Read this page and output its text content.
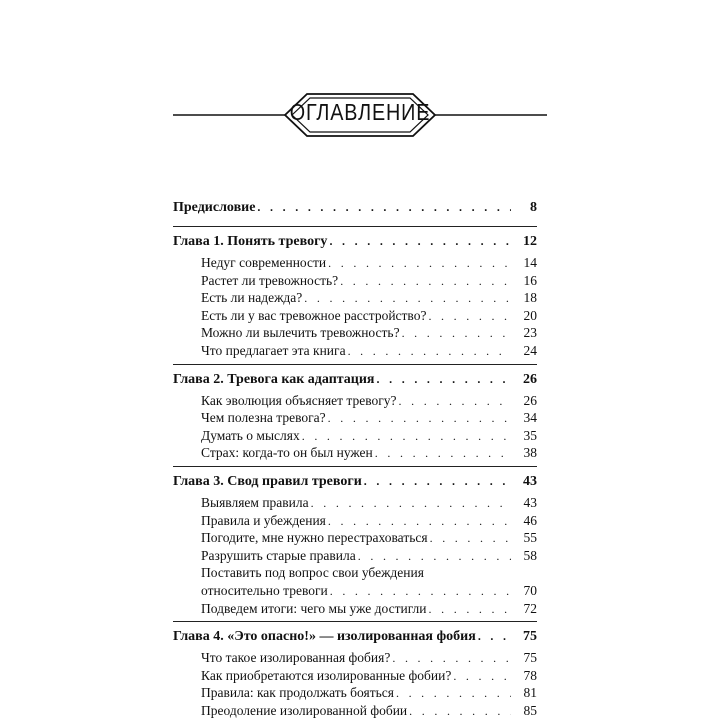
ОГЛАВЛЕНИЕ
Предисловие . . .	8
Глава 1. Понять тревогу . . .	12
Недуг современности . . .	14
Растет ли тревожность? . . .	16
Есть ли надежда? . . .	18
Есть ли у вас тревожное расстройство? . . .	20
Можно ли вылечить тревожность? . . .	23
Что предлагает эта книга . . .	24
Глава 2. Тревога как адаптация . . .	26
Как эволюция объясняет тревогу? . . .	26
Чем полезна тревога? . . .	34
Думать о мыслях . . .	35
Страх: когда-то он был нужен . . .	38
Глава 3. Свод правил тревоги . . .	43
Выявляем правила . . .	43
Правила и убеждения . . .	46
Погодите, мне нужно перестраховаться . . .	55
Разрушить старые правила . . .	58
Поставить под вопрос свои убеждения
относительно тревоги . . .	70
Подведем итоги: чего мы уже достигли . . .	72
Глава 4. «Это опасно!» — изолированная фобия . . .	75
Что такое изолированная фобия? . . .	75
Как приобретаются изолированные фобии? . . .	78
Правила: как продолжать бояться . . .	81
Преодоление изолированной фобии . . .	85
